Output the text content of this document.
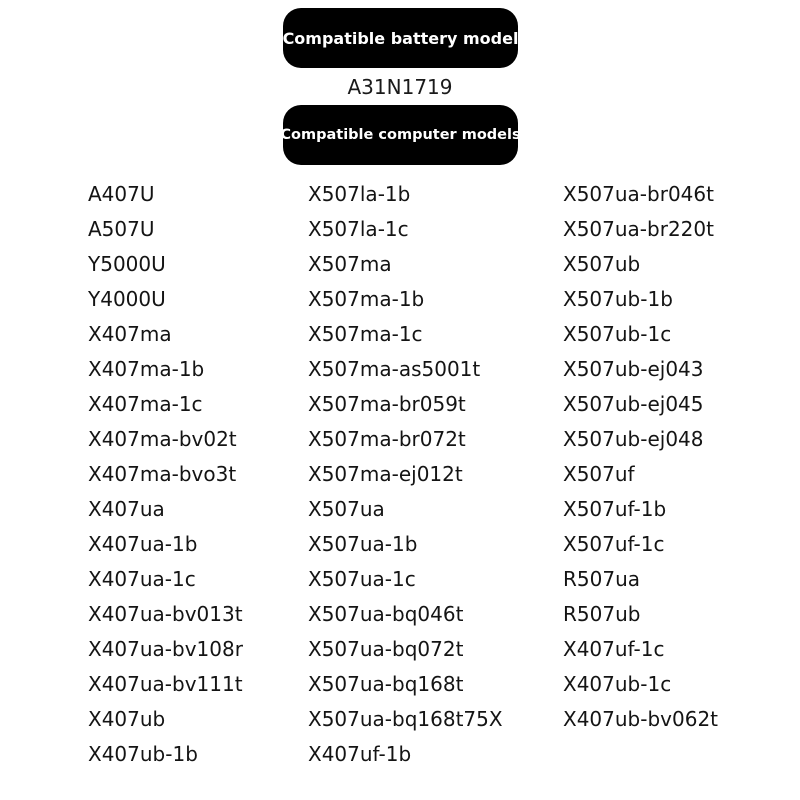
Compatible battery model
A31N1719
Compatible computer models
A407U
A507U
Y5000U
Y4000U
X407ma
X407ma-1b
X407ma-1c
X407ma-bv02t
X407ma-bvo3t
X407ua
X407ua-1b
X407ua-1c
X407ua-bv013t
X407ua-bv108r
X407ua-bv111t
X407ub
X407ub-1b
X507la-1b
X507la-1c
X507ma
X507ma-1b
X507ma-1c
X507ma-as5001t
X507ma-br059t
X507ma-br072t
X507ma-ej012t
X507ua
X507ua-1b
X507ua-1c
X507ua-bq046t
X507ua-bq072t
X507ua-bq168t
X507ua-bq168t75X
X407uf-1b
X507ua-br046t
X507ua-br220t
X507ub
X507ub-1b
X507ub-1c
X507ub-ej043
X507ub-ej045
X507ub-ej048
X507uf
X507uf-1b
X507uf-1c
R507ua
R507ub
X407uf-1c
X407ub-1c
X407ub-bv062t
